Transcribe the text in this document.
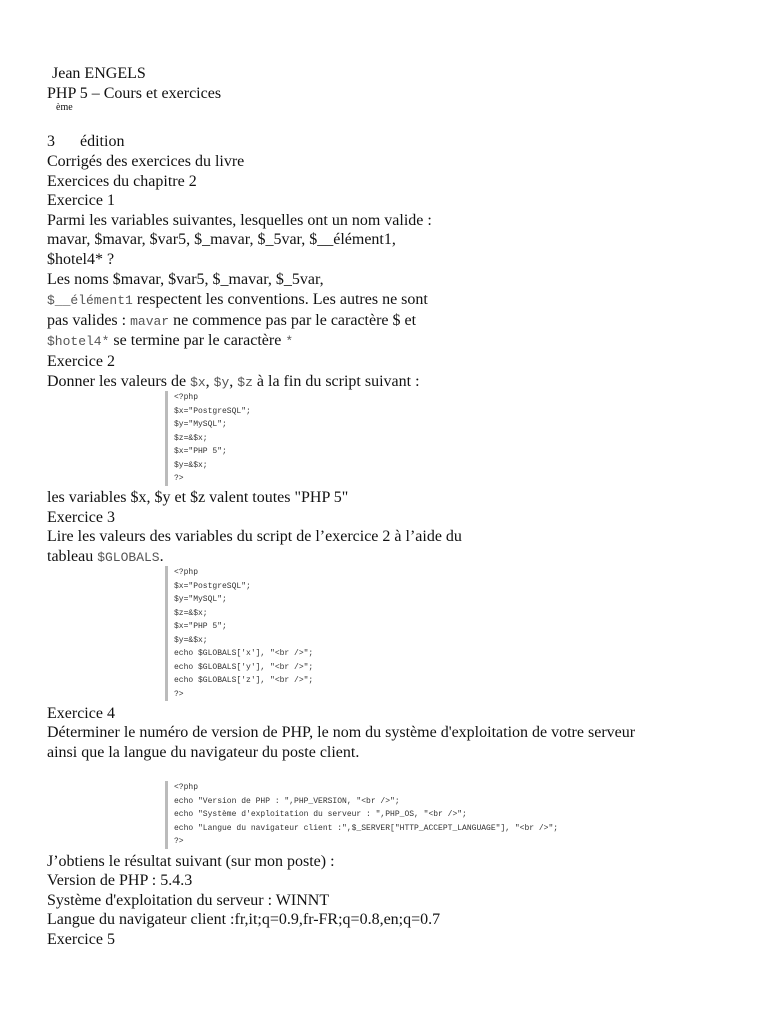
Jean ENGELS
PHP 5 – Cours et exercices
ème
3 édition
Corrigés des exercices du livre
Exercices du chapitre 2
Exercice 1
Parmi les variables suivantes, lesquelles ont un nom valide :
mavar, $mavar, $var5, $_mavar, $_5var, $__élément1,
$hotel4* ?
Les noms $mavar, $var5, $_mavar, $_5var,
$__élément1 respectent les conventions. Les autres ne sont
pas valides : mavar ne commence pas par le caractère $ et
$hotel4* se termine par le caractère *
Exercice 2
Donner les valeurs de $x, $y, $z à la fin du script suivant :
<?php
$x="PostgreSQL";
$y="MySQL";
$z=&$x;
$x="PHP 5";
$y=&$x;
?>
les variables $x, $y et $z valent toutes "PHP 5"
Exercice 3
Lire les valeurs des variables du script de l’exercice 2 à l’aide du
tableau $GLOBALS.
<?php
$x="PostgreSQL";
$y="MySQL";
$z=&$x;
$x="PHP 5";
$y=&$x;
echo $GLOBALS['x'], "<br />";
echo $GLOBALS['y'], "<br />";
echo $GLOBALS['z'], "<br />";
?>
Exercice 4
Déterminer le numéro de version de PHP, le nom du système d'exploitation de votre serveur
ainsi que la langue du navigateur du poste client.
<?php
echo "Version de PHP : ",PHP_VERSION, "<br />";
echo "Système d'exploitation du serveur : ",PHP_OS, "<br />";
echo "Langue du navigateur client :",$_SERVER["HTTP_ACCEPT_LANGUAGE"], "<br />";
?>
J’obtiens le résultat suivant (sur mon poste) :
Version de PHP : 5.4.3
Système d'exploitation du serveur : WINNT
Langue du navigateur client :fr,it;q=0.9,fr-FR;q=0.8,en;q=0.7
Exercice 5
